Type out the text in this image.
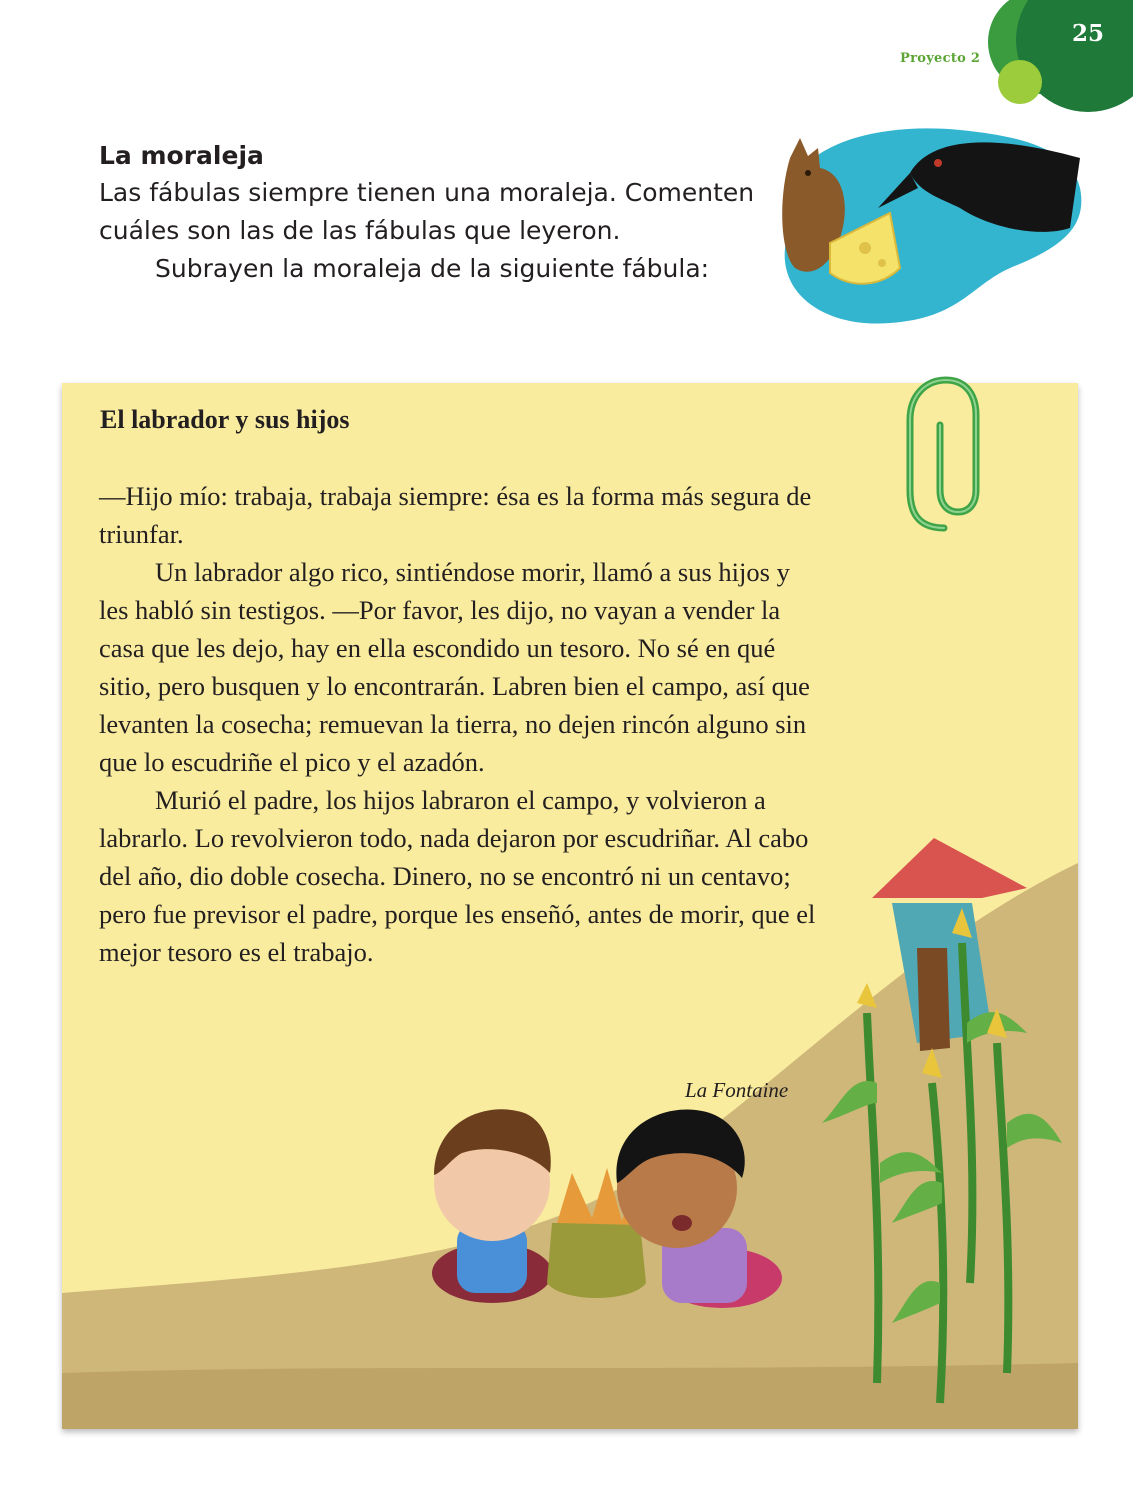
Proyecto 2
25
La moraleja

Las fábulas siempre tienen una moraleja. Comenten cuáles son las de las fábulas que leyeron.

Subrayen la moraleja de la siguiente fábula:

El labrador y sus hijos

—Hijo mío: trabaja, trabaja siempre: ésa es la forma más segura de triunfar.

Un labrador algo rico, sintiéndose morir, llamó a sus hijos y les habló sin testigos. —Por favor, les dijo, no vayan a vender la casa que les dejo, hay en ella escondido un tesoro. No sé en qué sitio, pero busquen y lo encontrarán. Labren bien el campo, así que levanten la cosecha; remuevan la tierra, no dejen rincón alguno sin que lo escudriñe el pico y el azadón.

Murió el padre, los hijos labraron el campo, y volvieron a labrarlo. Lo revolvieron todo, nada dejaron por escudriñar. Al cabo del año, dio doble cosecha. Dinero, no se encontró ni un centavo; pero fue previsor el padre, porque les enseñó, antes de morir, que el mejor tesoro es el trabajo.

La Fontaine
